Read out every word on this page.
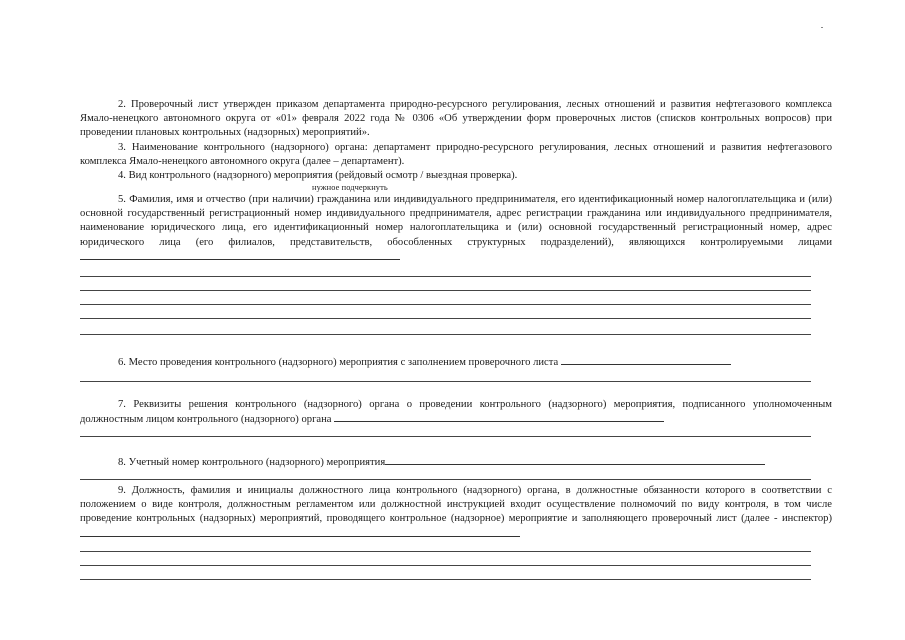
2. Проверочный лист утвержден приказом департамента природно-ресурсного регулирования, лесных отношений и развития нефтегазового комплекса Ямало-ненецкого автономного округа от «01» февраля 2022 года № 0306 «Об утверждении форм проверочных листов (списков контрольных вопросов) при проведении плановых контрольных (надзорных) мероприятий».

3. Наименование контрольного (надзорного) органа: департамент природно-ресурсного регулирования, лесных отношений и развития нефтегазового комплекса Ямало-ненецкого автономного округа (далее – департамент).

4. Вид контрольного (надзорного) мероприятия (рейдовый осмотр / выездная проверка).

нужное подчеркнуть

5. Фамилия, имя и отчество (при наличии) гражданина или индивидуального предпринимателя, его идентификационный номер налогоплательщика и (или) основной государственный регистрационный номер индивидуального предпринимателя, адрес регистрации гражданина или индивидуального предпринимателя, наименование юридического лица, его идентификационный номер налогоплательщика и (или) основной государственный регистрационный номер, адрес юридического лица (его филиалов, представительств, обособленных структурных подразделений), являющихся контролируемыми лицами

6. Место проведения контрольного (надзорного) мероприятия с заполнением проверочного листа

7. Реквизиты решения контрольного (надзорного) органа о проведении контрольного (надзорного) мероприятия, подписанного уполномоченным должностным лицом контрольного (надзорного) органа

8. Учетный номер контрольного (надзорного) мероприятия

9. Должность, фамилия и инициалы должностного лица контрольного (надзорного) органа, в должностные обязанности которого в соответствии с положением о виде контроля, должностным регламентом или должностной инструкцией входит осуществление полномочий по виду контроля, в том числе проведение контрольных (надзорных) мероприятий, проводящего контрольное (надзорное) мероприятие и заполняющего проверочный лист (далее - инспектор)
